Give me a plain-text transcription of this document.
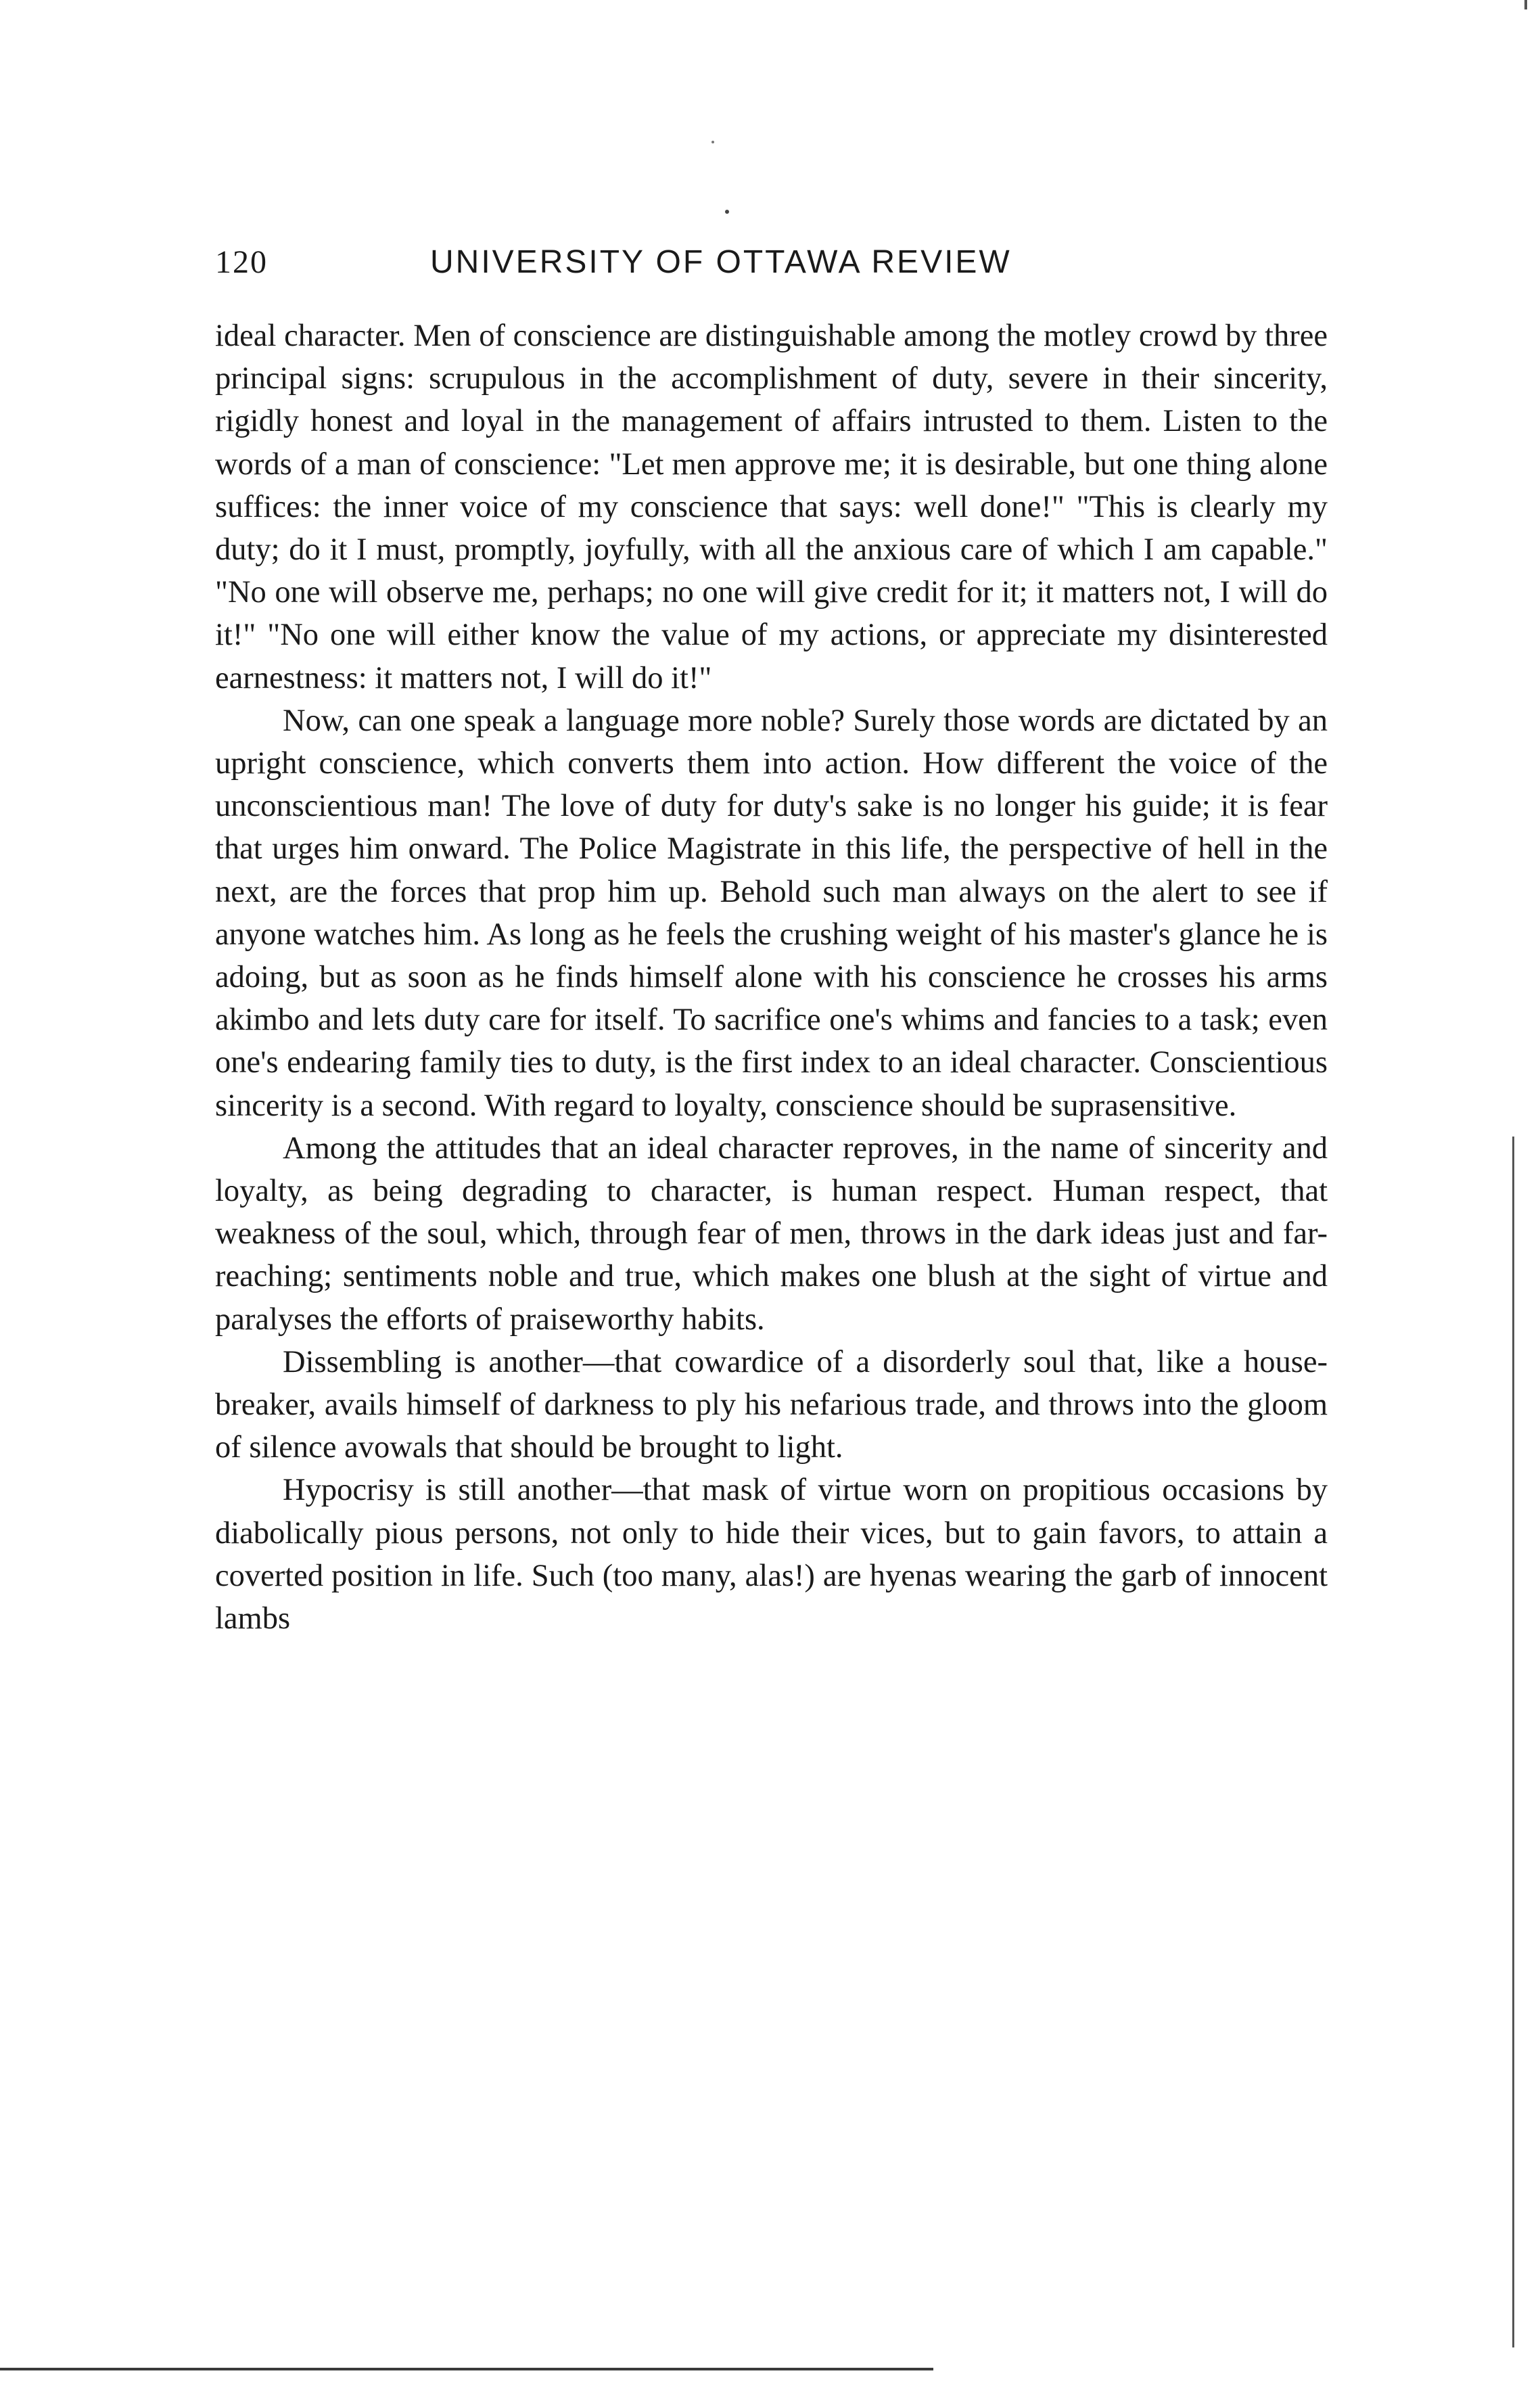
120	UNIVERSITY OF OTTAWA REVIEW

ideal character. Men of conscience are distinguishable among the motley crowd by three principal signs: scrupulous in the accomplishment of duty, severe in their sincerity, rigidly honest and loyal in the management of affairs intrusted to them. Listen to the words of a man of conscience: "Let men approve me; it is desirable, but one thing alone suffices: the inner voice of my conscience that says: well done!" "This is clearly my duty; do it I must, promptly, joyfully, with all the anxious care of which I am capable." "No one will observe me, perhaps; no one will give credit for it; it matters not, I will do it!" "No one will either know the value of my actions, or appreciate my disinterested earnestness: it matters not, I will do it!"

Now, can one speak a language more noble? Surely those words are dictated by an upright conscience, which converts them into action. How different the voice of the unconscientious man! The love of duty for duty's sake is no longer his guide; it is fear that urges him onward. The Police Magistrate in this life, the perspective of hell in the next, are the forces that prop him up. Behold such man always on the alert to see if anyone watches him. As long as he feels the crushing weight of his master's glance he is adoing, but as soon as he finds himself alone with his conscience he crosses his arms akimbo and lets duty care for itself. To sacrifice one's whims and fancies to a task; even one's endearing family ties to duty, is the first index to an ideal character. Conscientious sincerity is a second. With regard to loyalty, conscience should be suprasensitive.

Among the attitudes that an ideal character reproves, in the name of sincerity and loyalty, as being degrading to character, is human respect. Human respect, that weakness of the soul, which, through fear of men, throws in the dark ideas just and far-reaching; sentiments noble and true, which makes one blush at the sight of virtue and paralyses the efforts of praiseworthy habits.

Dissembling is another—that cowardice of a disorderly soul that, like a house-breaker, avails himself of darkness to ply his nefarious trade, and throws into the gloom of silence avowals that should be brought to light.

Hypocrisy is still another—that mask of virtue worn on propitious occasions by diabolically pious persons, not only to hide their vices, but to gain favors, to attain a coverted position in life. Such (too many, alas!) are hyenas wearing the garb of innocent lambs
